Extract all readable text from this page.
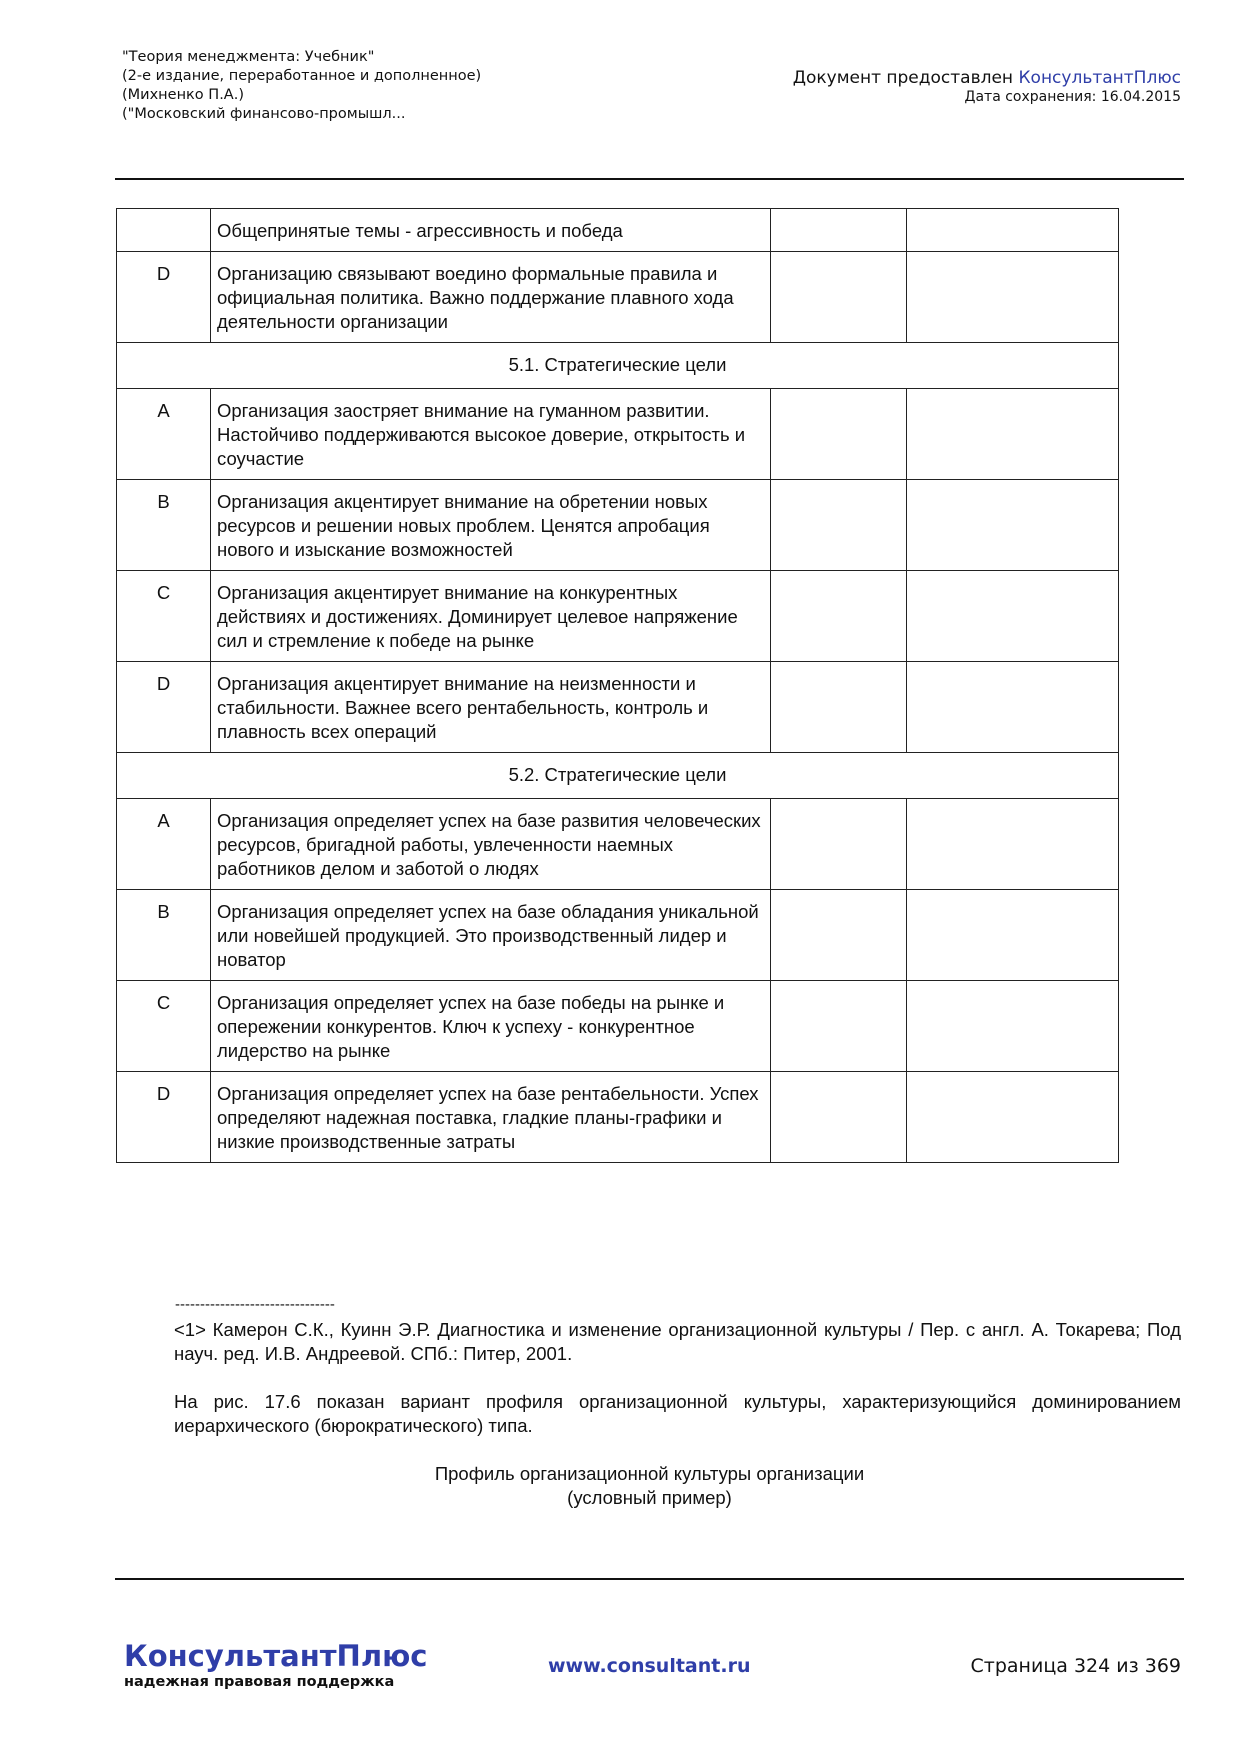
"Теория менеджмента: Учебник"
(2-е издание, переработанное и дополненное)
(Михненко П.А.)
("Московский финансово-промышл...
Документ предоставлен КонсультантПлюс
Дата сохранения: 16.04.2015
	Общепринятые темы - агрессивность и победа		
D	Организацию связывают воедино формальные правила и официальная политика. Важно поддержание плавного хода деятельности организации		
5.1. Стратегические цели			
A	Организация заостряет внимание на гуманном развитии. Настойчиво поддерживаются высокое доверие, открытость и соучастие		
B	Организация акцентирует внимание на обретении новых ресурсов и решении новых проблем. Ценятся апробация нового и изыскание возможностей		
C	Организация акцентирует внимание на конкурентных действиях и достижениях. Доминирует целевое напряжение сил и стремление к победе на рынке		
D	Организация акцентирует внимание на неизменности и стабильности. Важнее всего рентабельность, контроль и плавность всех операций		
5.2. Стратегические цели			
A	Организация определяет успех на базе развития человеческих ресурсов, бригадной работы, увлеченности наемных работников делом и заботой о людях		
B	Организация определяет успех на базе обладания уникальной или новейшей продукцией. Это производственный лидер и новатор		
C	Организация определяет успех на базе победы на рынке и опережении конкурентов. Ключ к успеху - конкурентное лидерство на рынке		
D	Организация определяет успех на базе рентабельности. Успех определяют надежная поставка, гладкие планы-графики и низкие производственные затраты		
--------------------------------
<1> Камерон С.К., Куинн Э.Р. Диагностика и изменение организационной культуры / Пер. с англ. А. Токарева; Под науч. ред. И.В. Андреевой. СПб.: Питер, 2001.
На рис. 17.6 показан вариант профиля организационной культуры, характеризующийся доминированием иерархического (бюрократического) типа.
Профиль организационной культуры организации
(условный пример)
КонсультантПлюс
надежная правовая поддержка
www.consultant.ru	Страница 324 из 369
